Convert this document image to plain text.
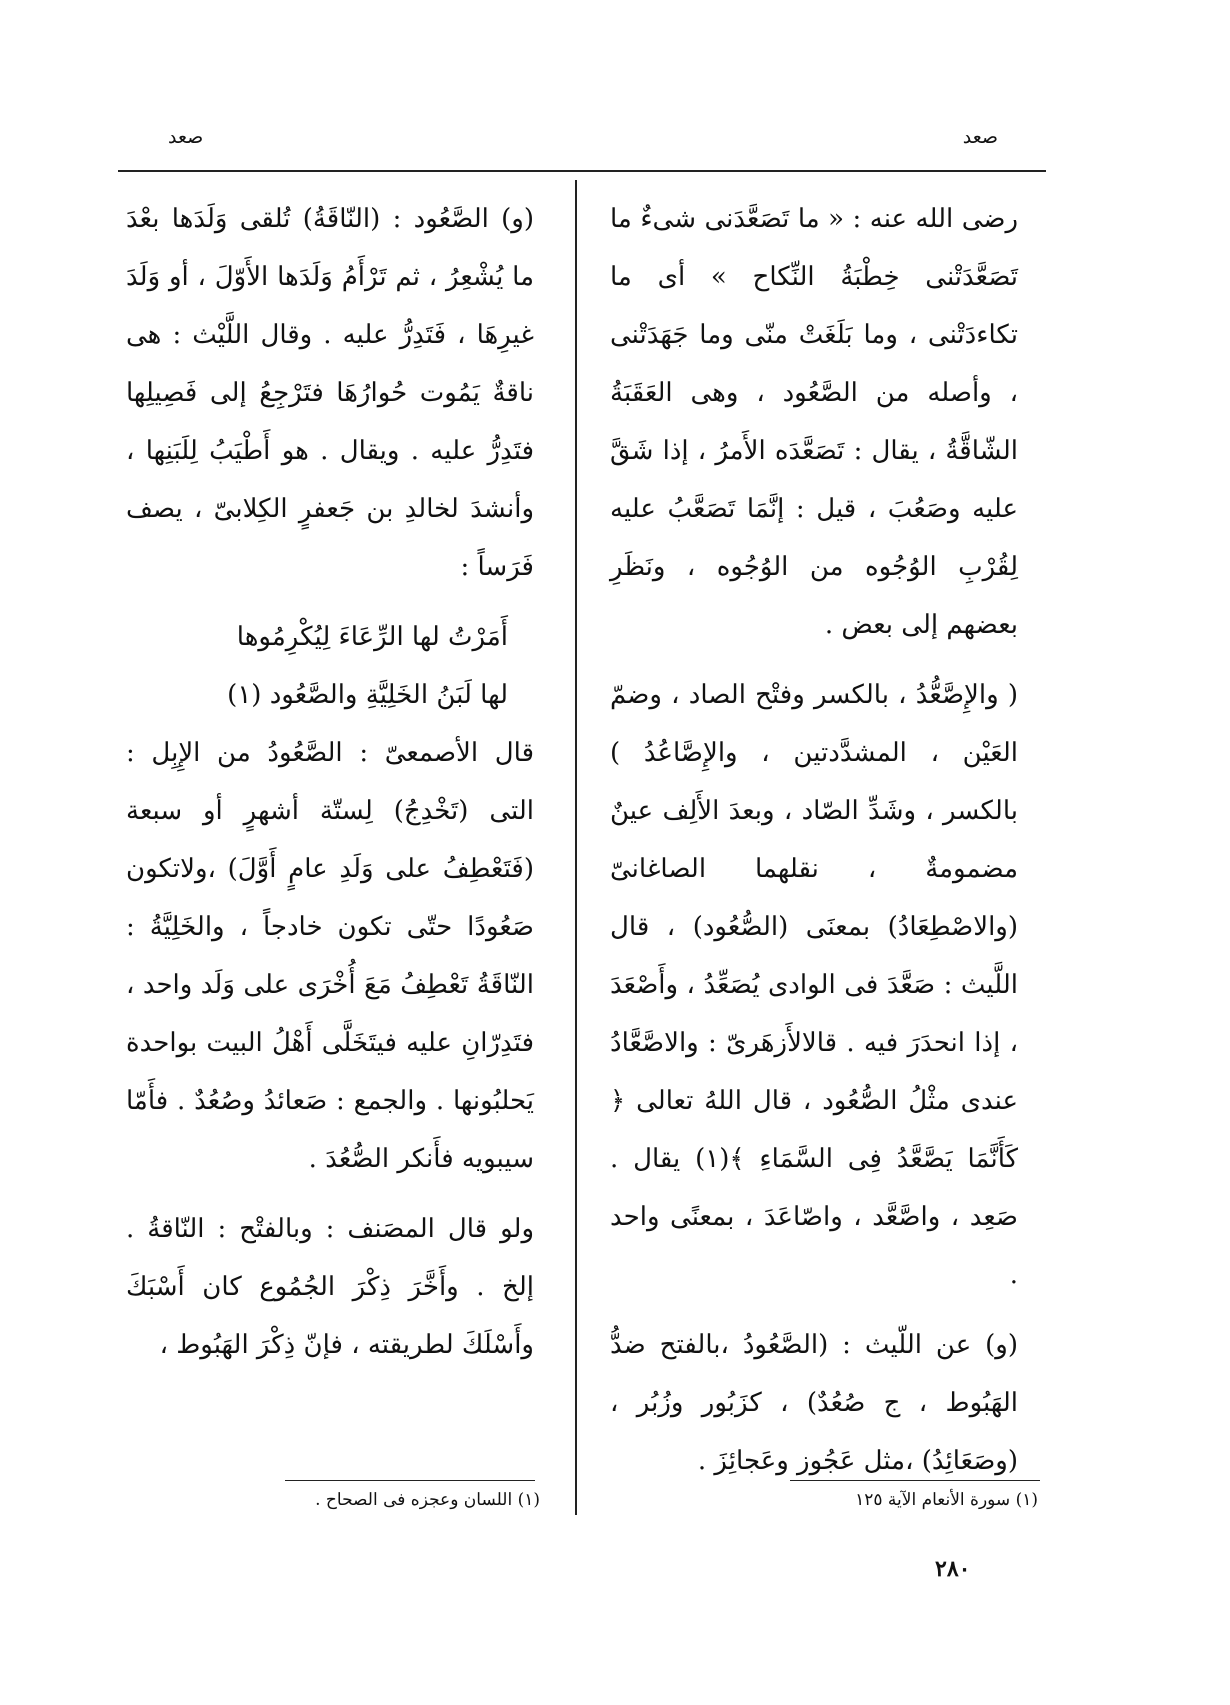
صعد
صعد

رضى الله عنه : « ما تَصَعَّدَنى شىءٌ ما تَصَعَّدَتْنى خِطْبَةُ النِّكاح » أى ما تكاءدَتْنى ، وما بَلَغَتْ منّى وما جَهَدَتْنى ، وأصله من الصَّعُود ، وهى العَقَبَةُ الشّاقَّةُ ، يقال : تَصَعَّدَه الأَمرُ ، إذا شَقَّ عليه وصَعُبَ ، قيل : إنَّمَا تَصَعَّبُ عليه لِقُرْبِ الوُجُوه من الوُجُوه ، ونَظَرِ بعضهم إلى بعض .

( والإِصَّعُّدُ ، بالكسر وفتْح الصاد ، وضمّ العَيْن ، المشدَّدتين ، والإِصَّاعُدُ ) بالكسر ، وشَدِّ الصّاد ، وبعدَ الأَلِف عينٌ مضمومةٌ ، نقلهما الصاغانىّ (والاصْطِعَادُ) بمعنَى (الصُّعُود) ، قال اللَّيث : صَعَّدَ فى الوادى يُصَعِّدُ ، وأَصْعَدَ ، إذا انحدَرَ فيه . قالالأَزهَرىّ : والاصَّعَّادُ عندى مثْلُ الصُّعُود ، قال اللهُ تعالى ﴿ كَأَنَّمَا يَصَّعَّدُ فِى السَّمَاءِ ﴾(١) يقال . صَعِد ، واصَّعَّد ، واصّاعَدَ ، بمعنًى واحد .

(و) عن اللّيث : (الصَّعُودُ ،بالفتح ضدُّ الهَبُوط ، ج صُعُدٌ) ، كزَبُور وزُبُر ، (وصَعَائِدُ) ،مثل عَجُوز وعَجائِزَ .

(و) الصَّعُود : (النّاقَةُ) تُلقى وَلَدَها بعْدَ ما يُشْعِرُ ، ثم تَرْأَمُ وَلَدَها الأَوّلَ ، أو وَلَدَ غيرِهَا ، فَتَدِرُّ عليه . وقال اللَّيْث : هى ناقةٌ يَمُوت حُوارُهَا فتَرْجِعُ إلى فَصِيلِها فتَدِرُّ عليه . ويقال . هو أَطْيَبُ لِلَبَنِها ، وأنشدَ لخالدِ بن جَعفرٍ الكِلابىّ ، يصف فَرَساً :

أَمَرْتُ لها الرِّعَاءَ لِيُكْرِمُوها
لها لَبَنُ الخَلِيَّةِ والصَّعُود (١)

قال الأصمعىّ : الصَّعُودُ من الإِبِل : التى (تَخْدِجُ) لِستّة أشهرٍ أو سبعة (فَتَعْطِفُ على وَلَدِ عامٍ أَوَّلَ) ،ولاتكون صَعُودًا حتّى تكون خادجاً ، والخَلِيَّةُ : النّاقَةُ تَعْطِفُ مَعَ أُخْرَى على وَلَد واحد ، فتَدِرّانِ عليه فيتَخَلَّى أَهْلُ البيت بواحدة يَحلبُونها . والجمع : صَعائدُ وصُعُدٌ . فأَمّا سيبويه فأَنكر الصُّعُدَ .

ولو قال المصَنف : وبالفتْح : النّاقةُ . إلخ . وأَخَّرَ ذِكْرَ الجُمُوع كان أَسْبَكَ وأَسْلَكَ لطريقته ، فإنّ ذِكْرَ الهَبُوط ،

(١) سورة الأنعام الآية ١٢٥
(١) اللسان وعجزه فى الصحاح .
٢٨٠
